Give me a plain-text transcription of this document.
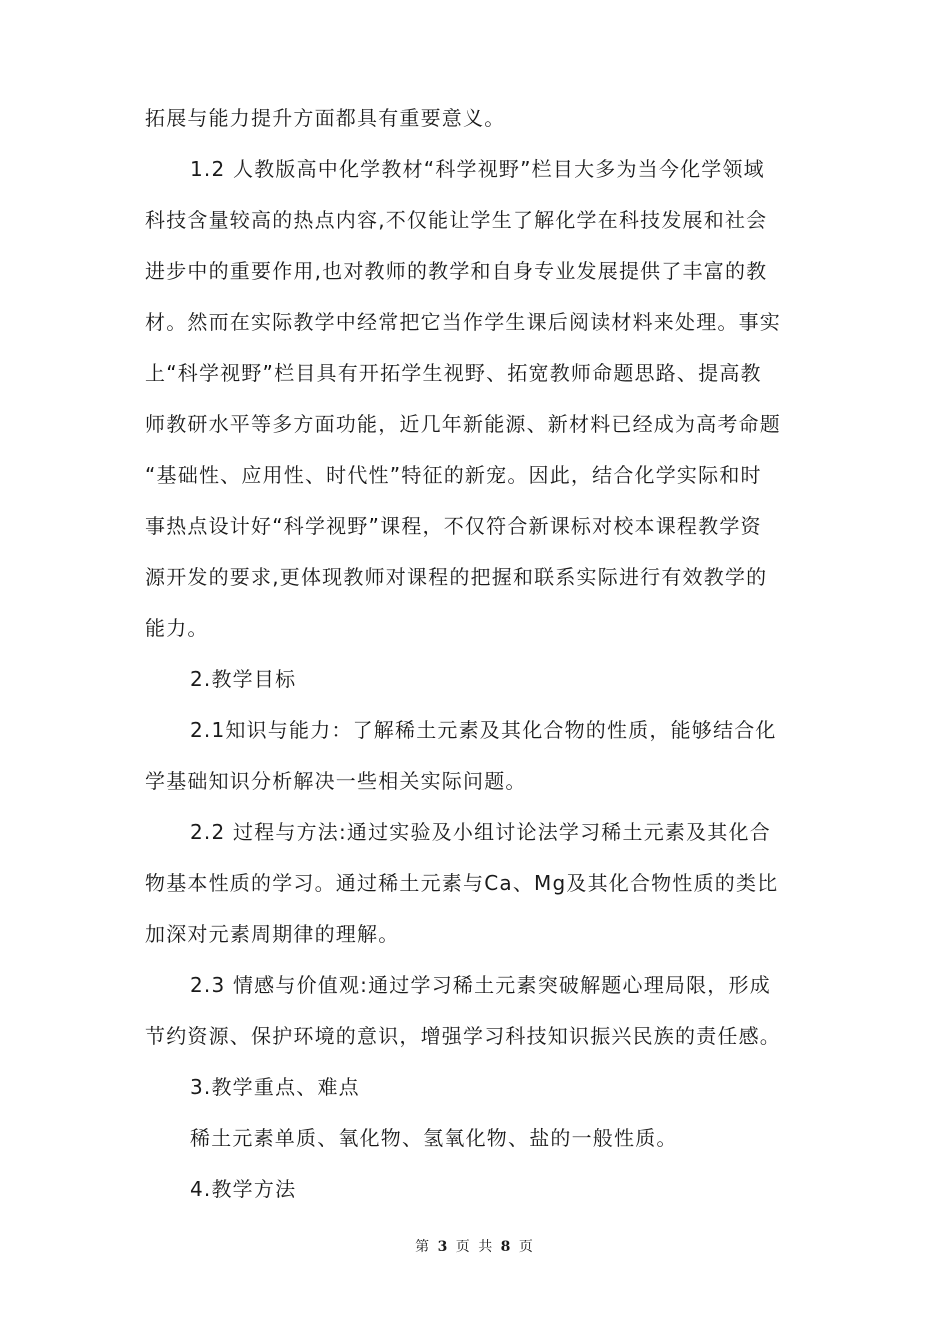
拓展与能力提升方面都具有重要意义。

1.2 人教版高中化学教材“科学视野”栏目大多为当今化学领域

科技含量较高的热点内容,不仅能让学生了解化学在科技发展和社会

进步中的重要作用,也对教师的教学和自身专业发展提供了丰富的教

材。然而在实际教学中经常把它当作学生课后阅读材料来处理。事实

上“科学视野”栏目具有开拓学生视野、拓宽教师命题思路、提高教

师教研水平等多方面功能，近几年新能源、新材料已经成为高考命题

“基础性、应用性、时代性”特征的新宠。因此，结合化学实际和时

事热点设计好“科学视野”课程，不仅符合新课标对校本课程教学资

源开发的要求,更体现教师对课程的把握和联系实际进行有效教学的

能力。

2.教学目标

2.1知识与能力：了解稀土元素及其化合物的性质，能够结合化

学基础知识分析解决一些相关实际问题。

2.2 过程与方法:通过实验及小组讨论法学习稀土元素及其化合

物基本性质的学习。通过稀土元素与Ca、Mg及其化合物性质的类比

加深对元素周期律的理解。

2.3 情感与价值观:通过学习稀土元素突破解题心理局限，形成

节约资源、保护环境的意识，增强学习科技知识振兴民族的责任感。

3.教学重点、难点

稀土元素单质、氧化物、氢氧化物、盐的一般性质。

4.教学方法

第 3 页 共 8 页
